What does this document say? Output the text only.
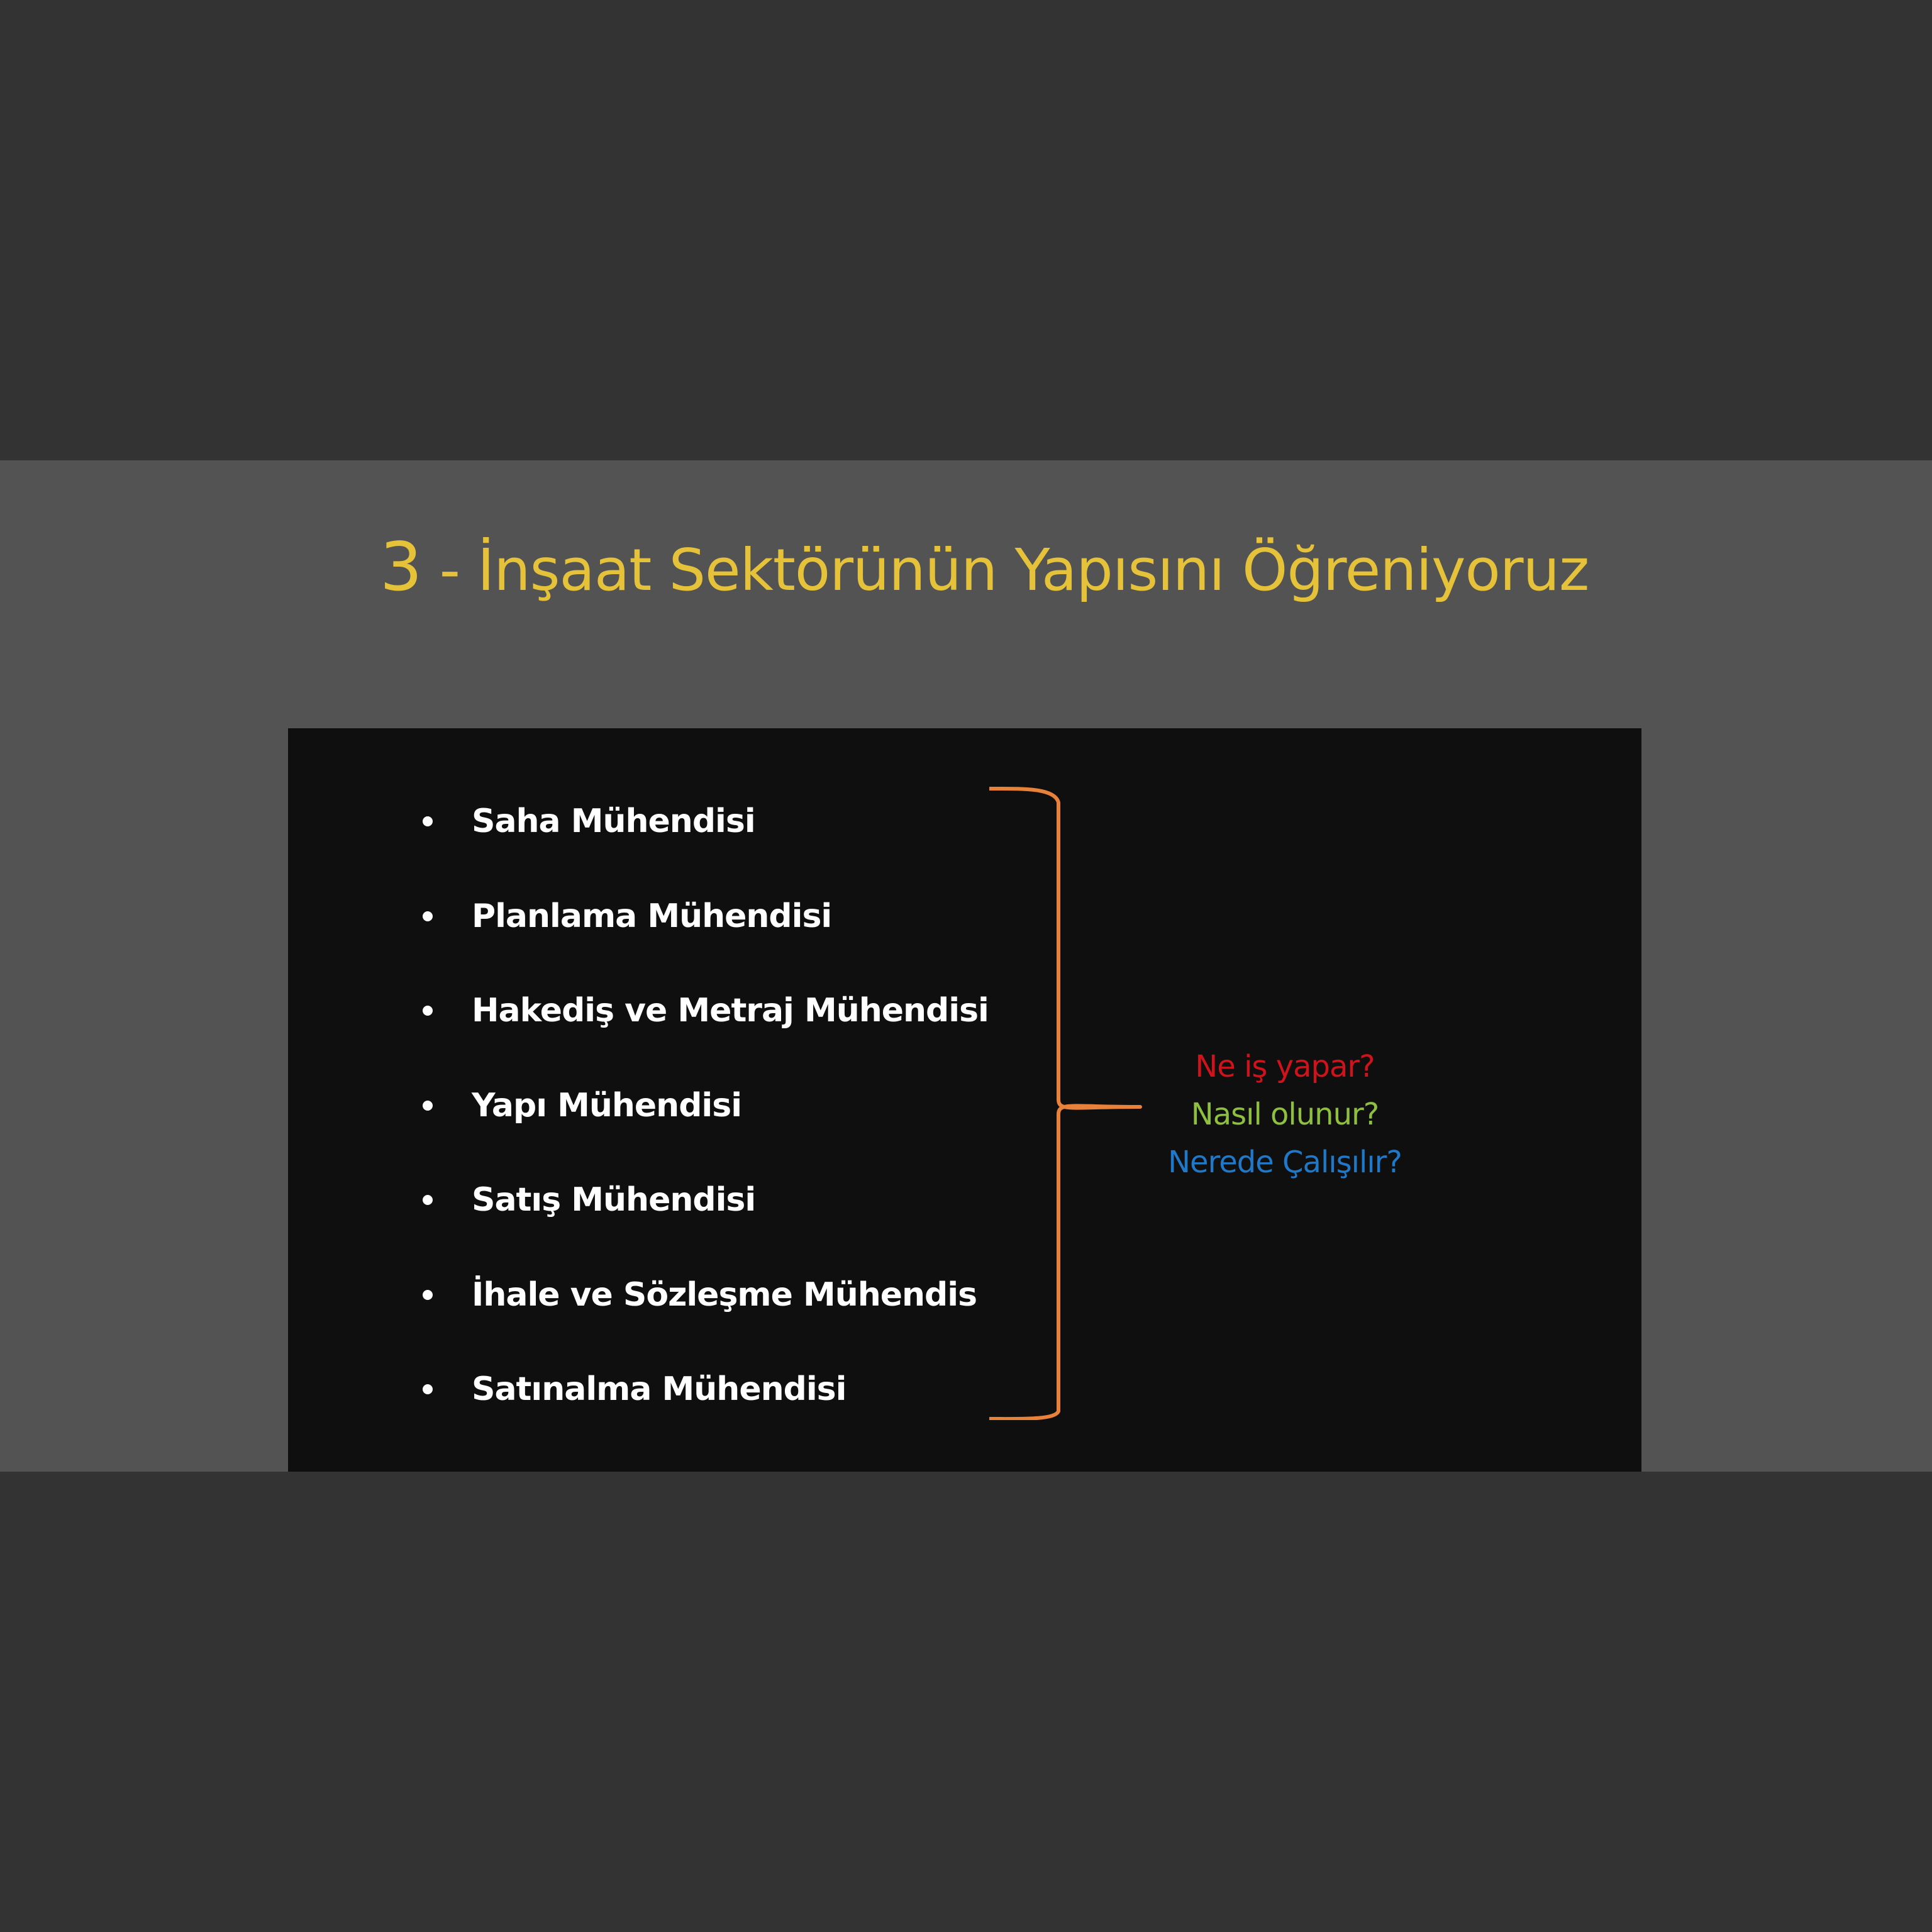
3 - İnşaat Sektörünün Yapısını Öğreniyoruz
Saha Mühendisi
Planlama Mühendisi
Hakediş ve Metraj Mühendisi
Yapı Mühendisi
Satış Mühendisi
İhale ve Sözleşme Mühendis
Satınalma Mühendisi
Ne iş yapar?
Nasıl olunur?
Nerede Çalışılır?
